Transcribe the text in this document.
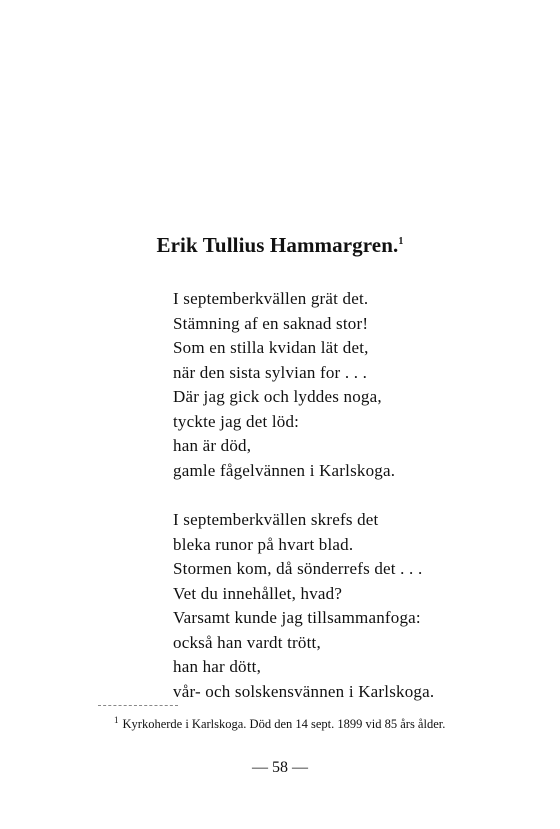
Erik Tullius Hammargren.$^1$
I septemberkvällen grät det.
Stämning af en saknad stor!
Som en stilla kvidan lät det,
när den sista sylvian for . . .
Där jag gick och lyddes noga,
tyckte jag det löd:
han är död,
gamle fågelvännen i Karlskoga.
I septemberkvällen skrefs det
bleka runor på hvart blad.
Stormen kom, då sönderrefs det . . .
Vet du innehållet, hvad?
Varsamt kunde jag tillsammanfoga:
också han vardt trött,
han har dött,
vår- och solskensvännen i Karlskoga.
$^1$ Kyrkoherde i Karlskoga. Död den 14 sept. 1899 vid 85 års ålder.
— 58 —
